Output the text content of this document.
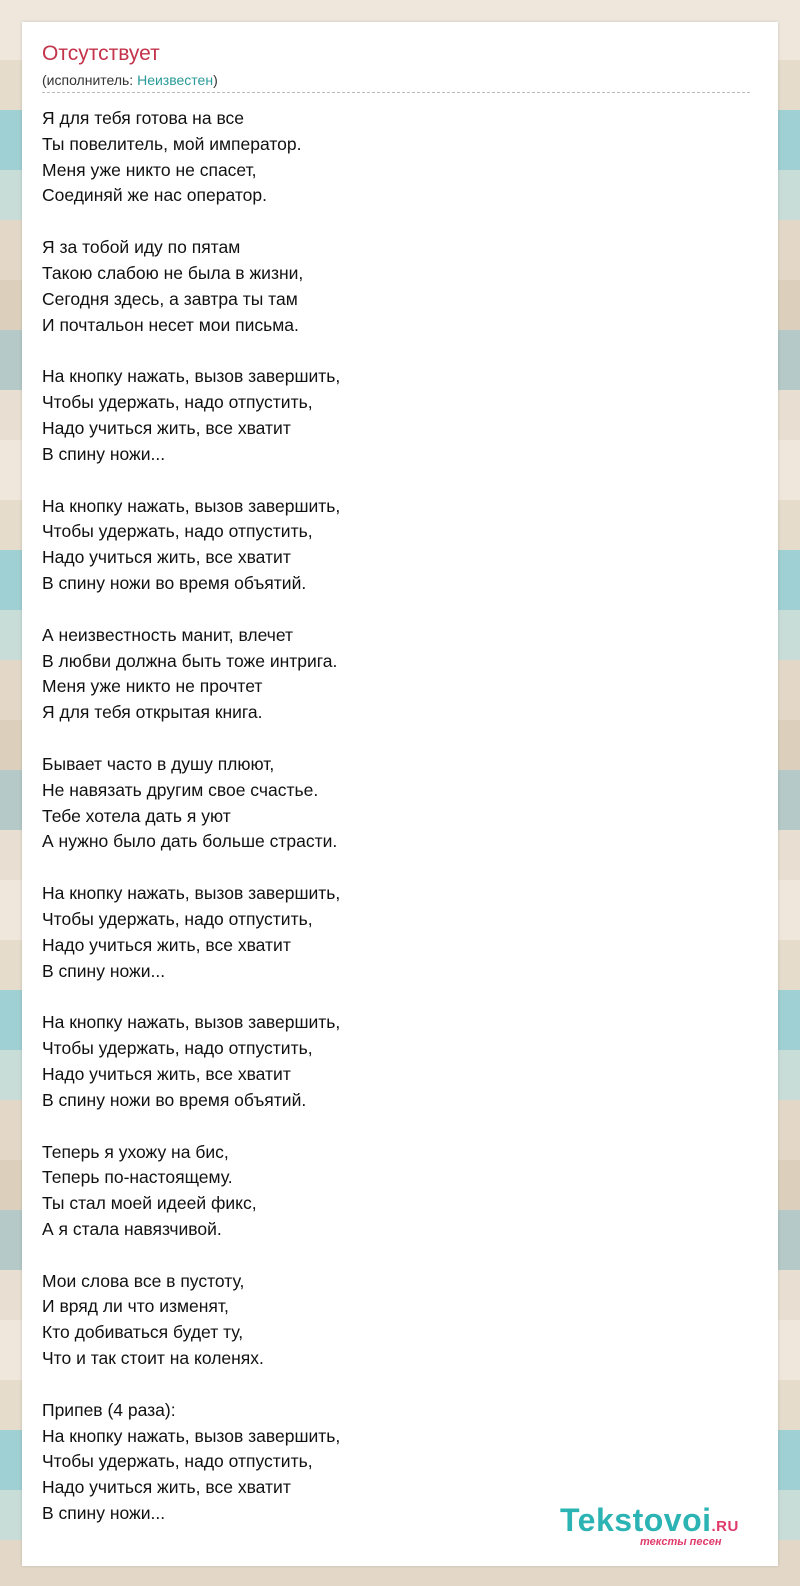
Отсутствует
(исполнитель: Неизвестен)
Я для тебя готова на все
Ты повелитель, мой император.
Меня уже никто не спасет,
Соединяй же нас оператор.
Я за тобой иду по пятам
Такою слабою не была в жизни,
Сегодня здесь, а завтра ты там
И почтальон несет мои письма.
На кнопку нажать, вызов завершить,
Чтобы удержать, надо отпустить,
Надо учиться жить, все хватит
В спину ножи...
На кнопку нажать, вызов завершить,
Чтобы удержать, надо отпустить,
Надо учиться жить, все хватит
В спину ножи во время объятий.
А неизвестность манит, влечет
В любви должна быть тоже интрига.
Меня уже никто не прочтет
Я для тебя открытая книга.
Бывает часто в душу плюют,
Не навязать другим свое счастье.
Тебе хотела дать я уют
А нужно было дать больше страсти.
На кнопку нажать, вызов завершить,
Чтобы удержать, надо отпустить,
Надо учиться жить, все хватит
В спину ножи...
На кнопку нажать, вызов завершить,
Чтобы удержать, надо отпустить,
Надо учиться жить, все хватит
В спину ножи во время объятий.
Теперь я ухожу на бис,
Теперь по-настоящему.
Ты стал моей идеей фикс,
А я стала навязчивой.
Мои слова все в пустоту,
И вряд ли что изменят,
Кто добиваться будет ту,
Что и так стоит на коленях.
Припев (4 раза):
На кнопку нажать, вызов завершить,
Чтобы удержать, надо отпустить,
Надо учиться жить, все хватит
В спину ножи...	Tekstovoi.RU
тексты песен
